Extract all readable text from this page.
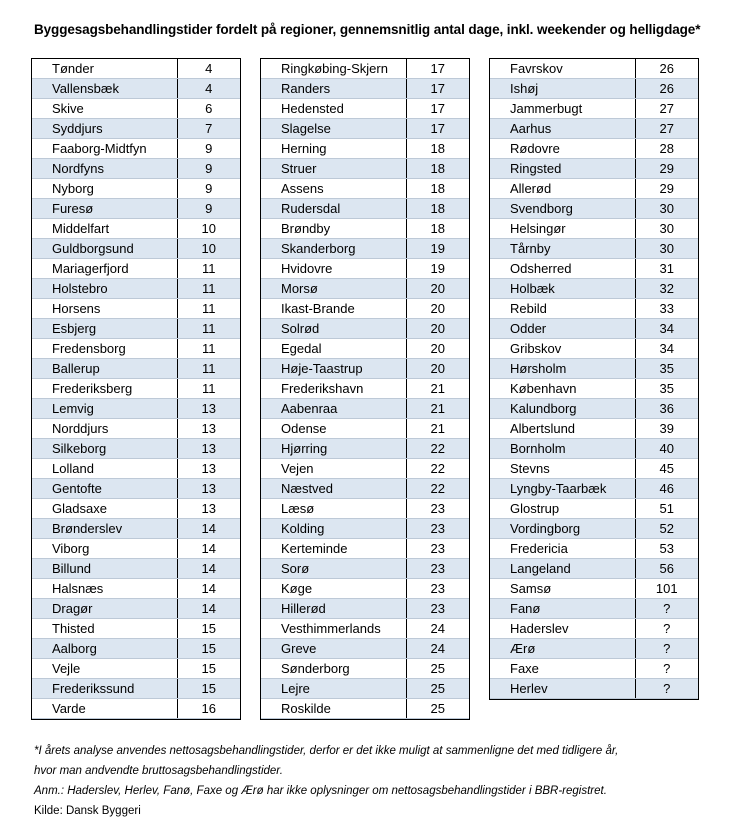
Byggesagsbehandlingstider fordelt på regioner, gennemsnitlig antal dage, inkl. weekender og helligdage*
Tønder	4
Vallensbæk	4
Skive	6
Syddjurs	7
Faaborg-Midtfyn	9
Nordfyns	9
Nyborg	9
Furesø	9
Middelfart	10
Guldborgsund	10
Mariagerfjord	11
Holstebro	11
Horsens	11
Esbjerg	11
Fredensborg	11
Ballerup	11
Frederiksberg	11
Lemvig	13
Norddjurs	13
Silkeborg	13
Lolland	13
Gentofte	13
Gladsaxe	13
Brønderslev	14
Viborg	14
Billund	14
Halsnæs	14
Dragør	14
Thisted	15
Aalborg	15
Vejle	15
Frederikssund	15
Varde	16
Ringkøbing-Skjern	17
Randers	17
Hedensted	17
Slagelse	17
Herning	18
Struer	18
Assens	18
Rudersdal	18
Brøndby	18
Skanderborg	19
Hvidovre	19
Morsø	20
Ikast-Brande	20
Solrød	20
Egedal	20
Høje-Taastrup	20
Frederikshavn	21
Aabenraa	21
Odense	21
Hjørring	22
Vejen	22
Næstved	22
Læsø	23
Kolding	23
Kerteminde	23
Sorø	23
Køge	23
Hillerød	23
Vesthimmerlands	24
Greve	24
Sønderborg	25
Lejre	25
Roskilde	25
Favrskov	26
Ishøj	26
Jammerbugt	27
Aarhus	27
Rødovre	28
Ringsted	29
Allerød	29
Svendborg	30
Helsingør	30
Tårnby	30
Odsherred	31
Holbæk	32
Rebild	33
Odder	34
Gribskov	34
Hørsholm	35
København	35
Kalundborg	36
Albertslund	39
Bornholm	40
Stevns	45
Lyngby-Taarbæk	46
Glostrup	51
Vordingborg	52
Fredericia	53
Langeland	56
Samsø	101
Fanø	?
Haderslev	?
Ærø	?
Faxe	?
Herlev	?
*I årets analyse anvendes nettosagsbehandlingstider, derfor er det ikke muligt at sammenligne det med tidligere år,
hvor man andvendte bruttosagsbehandlingstider.
Anm.: Haderslev, Herlev, Fanø, Faxe og Ærø har ikke oplysninger om nettosagsbehandlingstider i BBR-registret.
Kilde: Dansk Byggeri
